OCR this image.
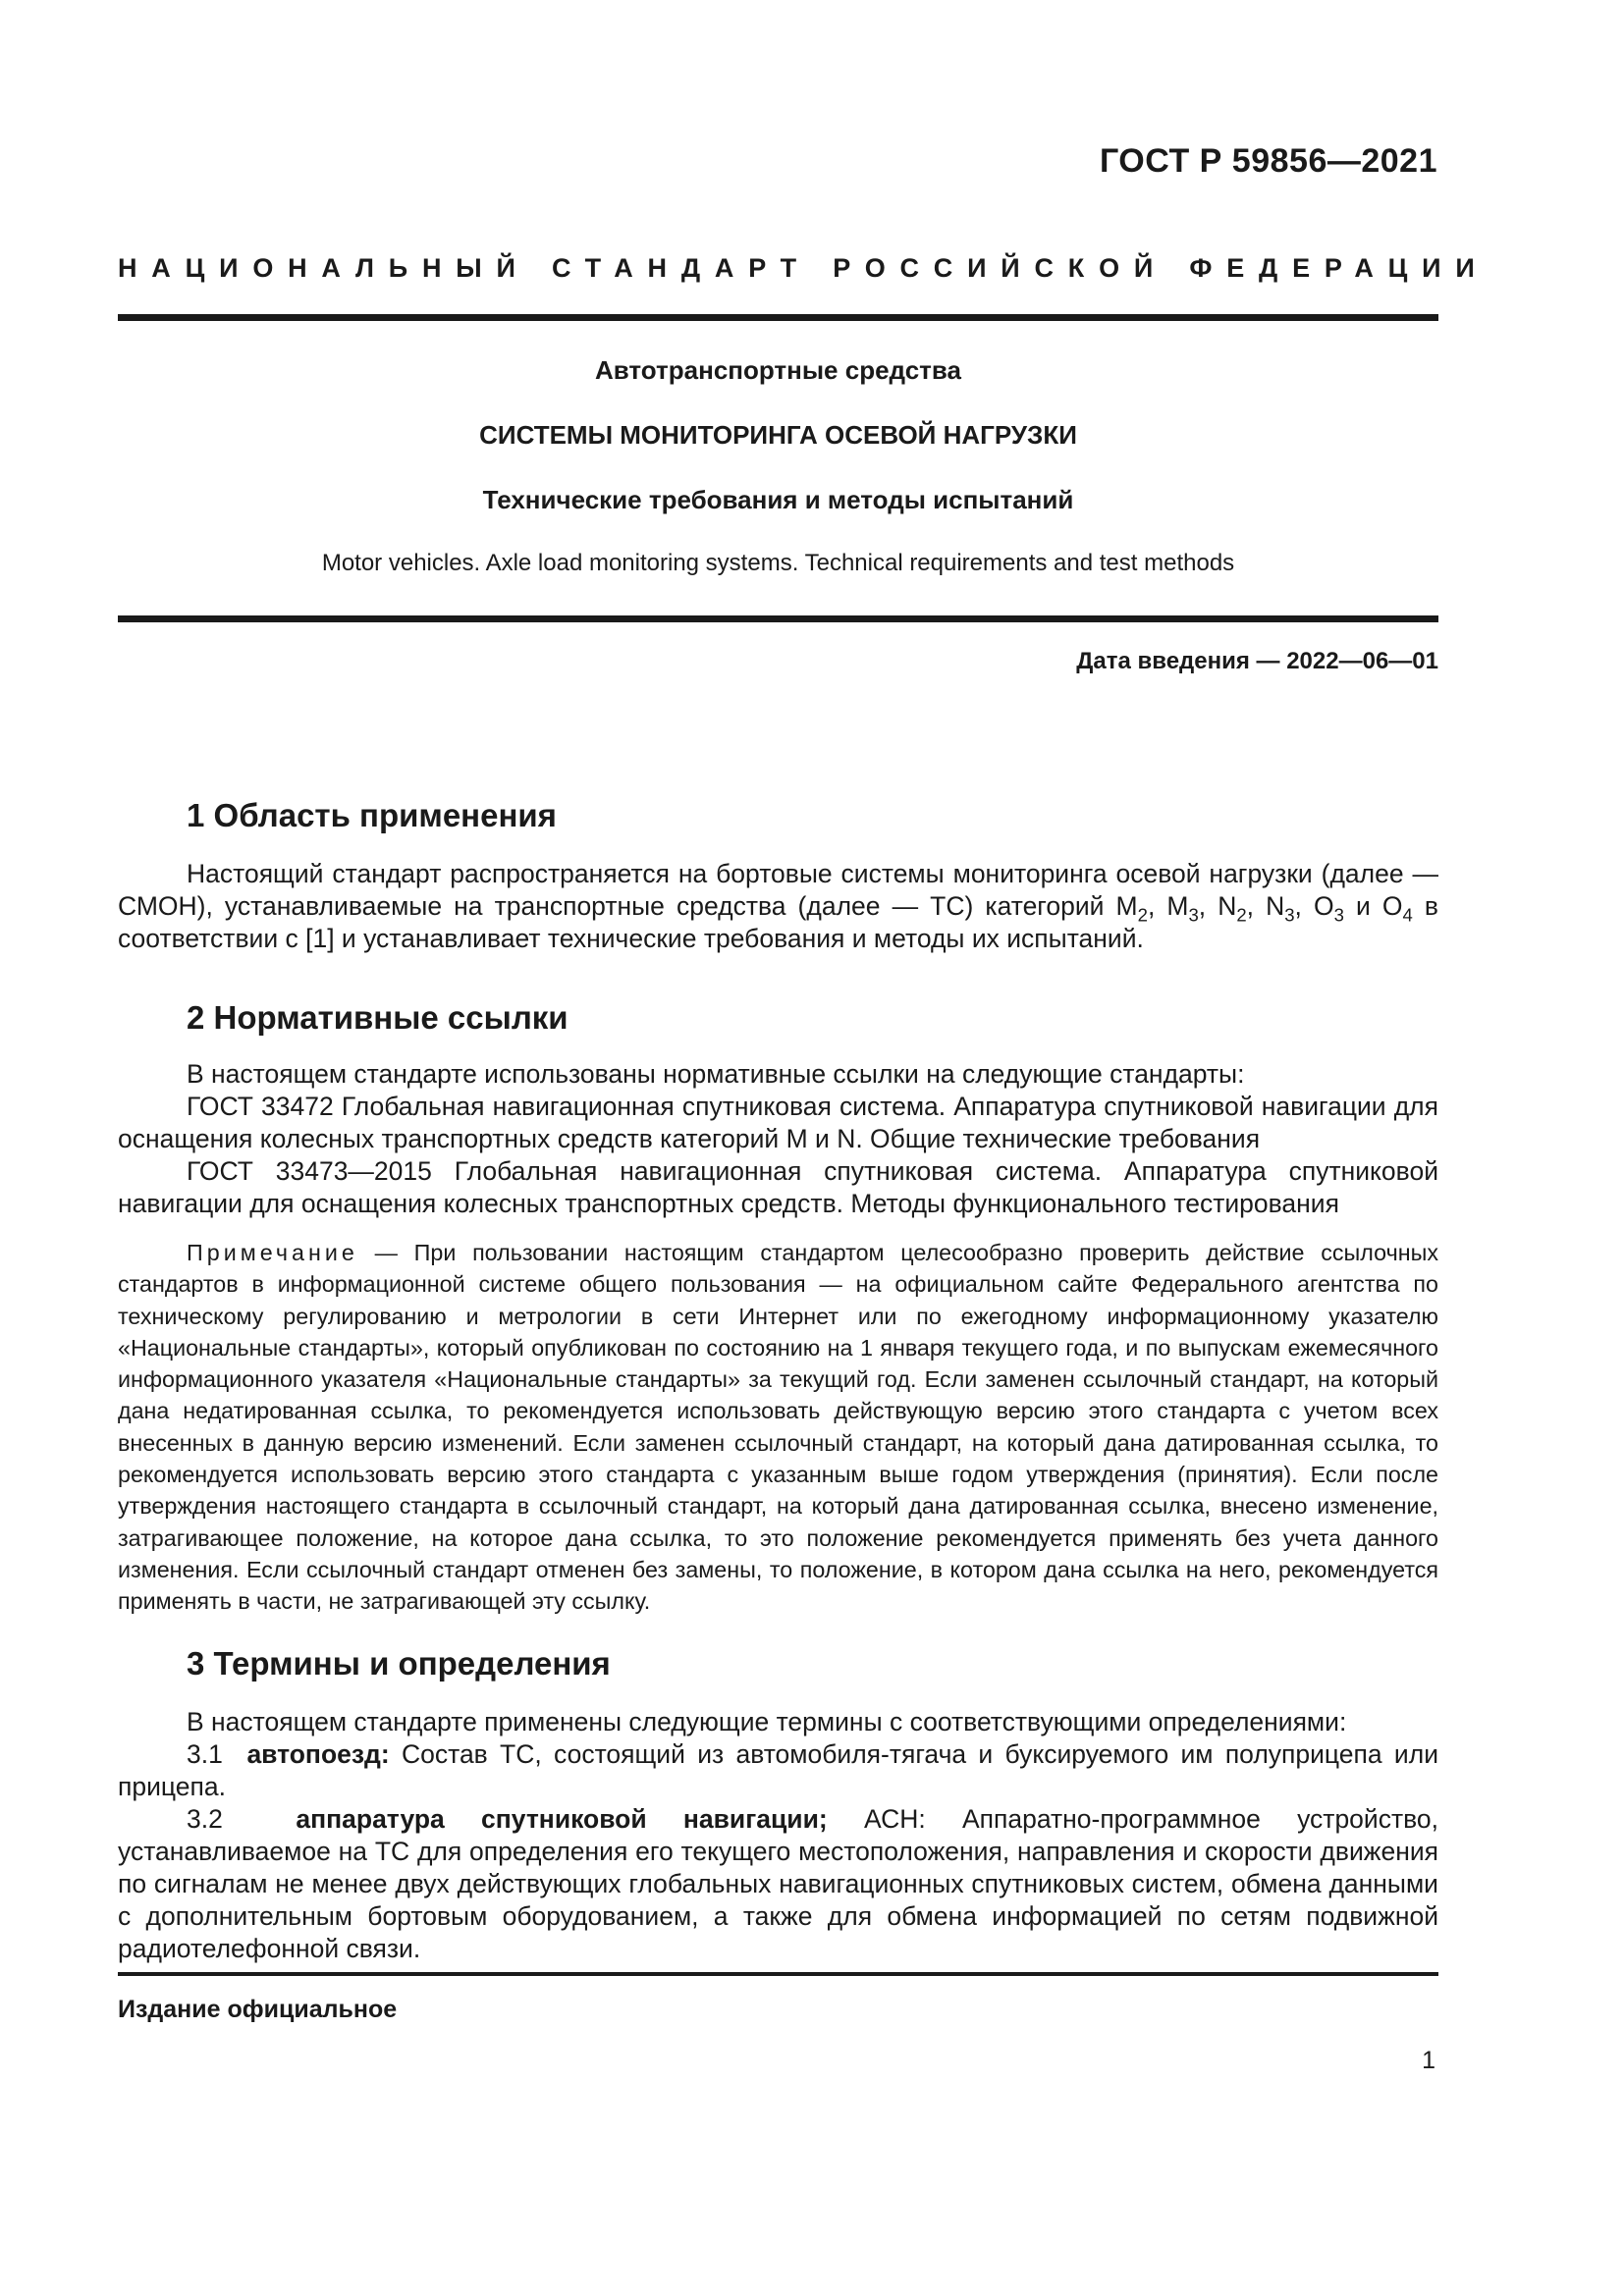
ГОСТ Р 59856—2021
НАЦИОНАЛЬНЫЙ СТАНДАРТ РОССИЙСКОЙ ФЕДЕРАЦИИ
Автотранспортные средства
СИСТЕМЫ МОНИТОРИНГА ОСЕВОЙ НАГРУЗКИ
Технические требования и методы испытаний
Motor vehicles. Axle load monitoring systems. Technical requirements and test methods
Дата введения — 2022—06—01
1 Область применения

Настоящий стандарт распространяется на бортовые системы мониторинга осевой нагрузки (далее — СМОН), устанавливаемые на транспортные средства (далее — ТС) категорий $М_2$, $М_3$, $N_2$, $N_3$, $О_3$ и $О_4$ в соответствии с [1] и устанавливает технические требования и методы их испытаний.

2 Нормативные ссылки

В настоящем стандарте использованы нормативные ссылки на следующие стандарты:

ГОСТ 33472 Глобальная навигационная спутниковая система. Аппаратура спутниковой навигации для оснащения колесных транспортных средств категорий М и N. Общие технические требования

ГОСТ 33473—2015 Глобальная навигационная спутниковая система. Аппаратура спутниковой навигации для оснащения колесных транспортных средств. Методы функционального тестирования

Примечание — При пользовании настоящим стандартом целесообразно проверить действие ссылочных стандартов в информационной системе общего пользования — на официальном сайте Федерального агентства по техническому регулированию и метрологии в сети Интернет или по ежегодному информационному указателю «Национальные стандарты», который опубликован по состоянию на 1 января текущего года, и по выпускам ежемесячного информационного указателя «Национальные стандарты» за текущий год. Если заменен ссылочный стандарт, на который дана недатированная ссылка, то рекомендуется использовать действующую версию этого стандарта с учетом всех внесенных в данную версию изменений. Если заменен ссылочный стандарт, на который дана датированная ссылка, то рекомендуется использовать версию этого стандарта с указанным выше годом утверждения (принятия). Если после утверждения настоящего стандарта в ссылочный стандарт, на который дана датированная ссылка, внесено изменение, затрагивающее положение, на которое дана ссылка, то это положение рекомендуется применять без учета данного изменения. Если ссылочный стандарт отменен без замены, то положение, в котором дана ссылка на него, рекомендуется применять в части, не затрагивающей эту ссылку.

3 Термины и определения

В настоящем стандарте применены следующие термины с соответствующими определениями:

3.1 автопоезд: Состав ТС, состоящий из автомобиля-тягача и буксируемого им полуприцепа или прицепа.

3.2	аппаратура спутниковой навигации; АСН: Аппаратно-программное устройство, устанавливаемое на ТС для определения его текущего местоположения, направления и скорости движения по сигналам не менее двух действующих глобальных навигационных спутниковых систем, обмена данными с дополнительным бортовым оборудованием, а также для обмена информацией по сетям подвижной радиотелефонной связи.

Издание официальное
1
